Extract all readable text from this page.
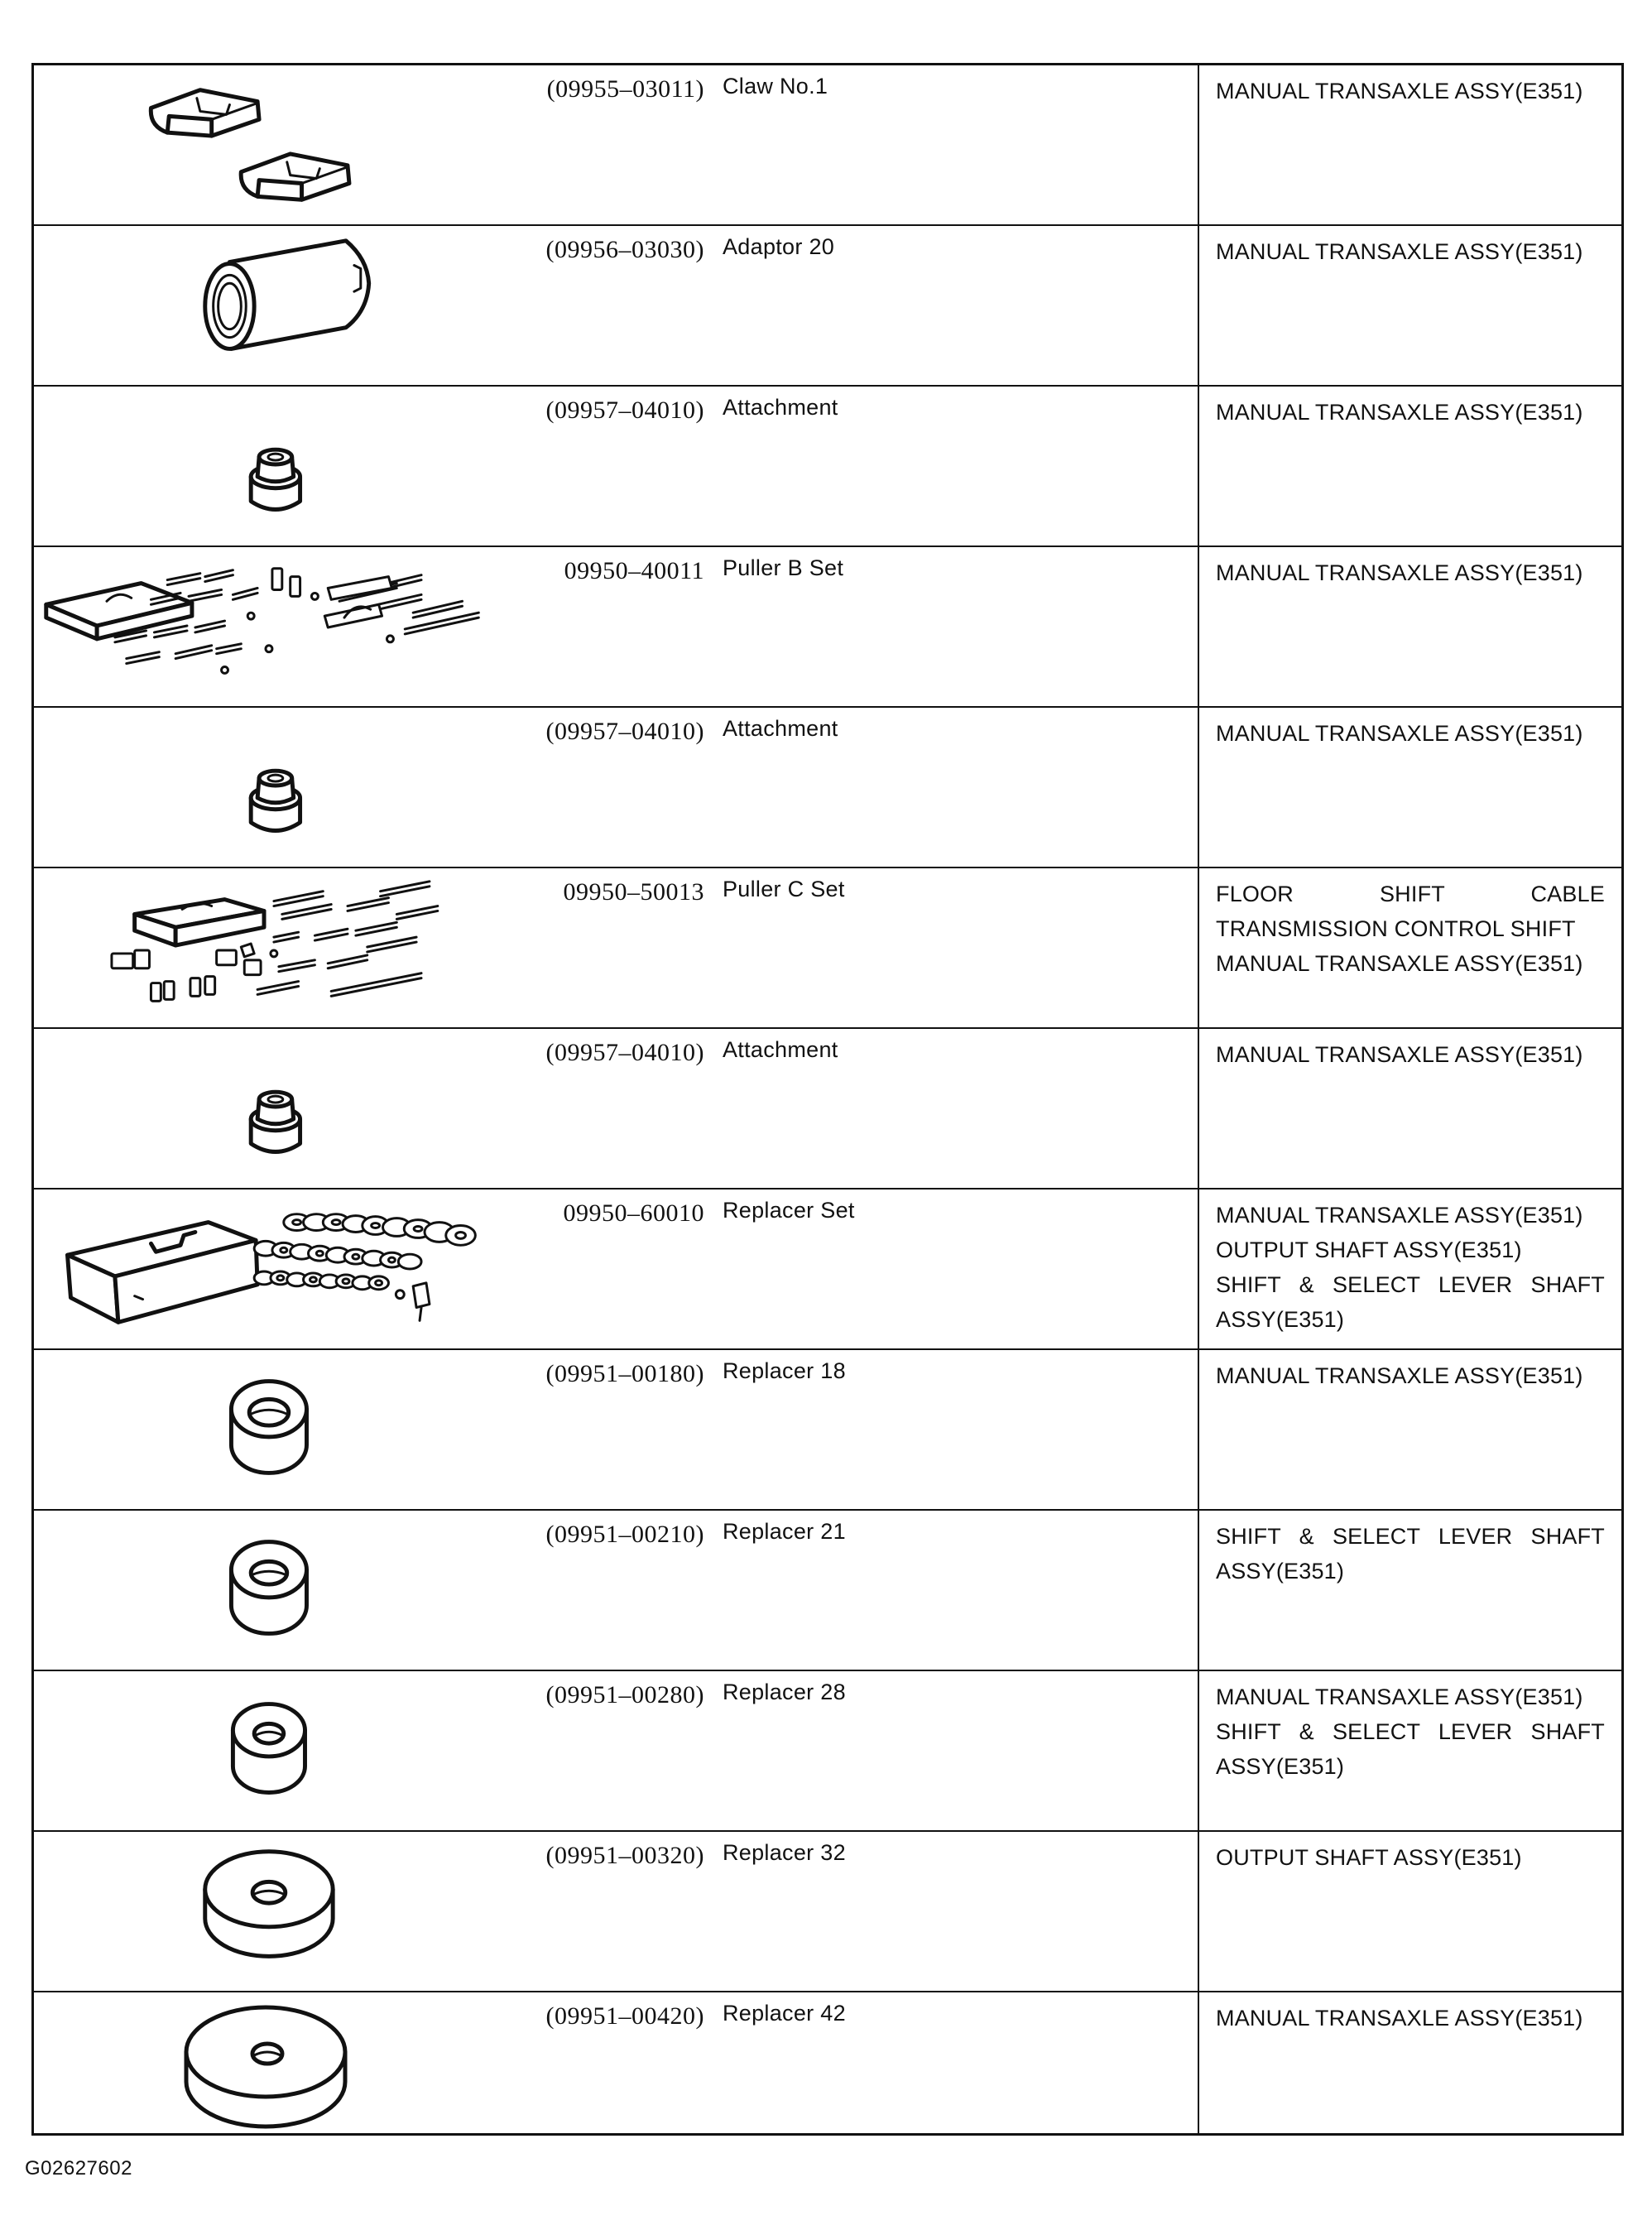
(09955–03011) Claw No.1	MANUAL TRANSAXLE ASSY(E351)
(09956–03030) Adaptor 20	MANUAL TRANSAXLE ASSY(E351)
(09957–04010) Attachment	MANUAL TRANSAXLE ASSY(E351)
09950–40011 Puller B Set	MANUAL TRANSAXLE ASSY(E351)
(09957–04010) Attachment	MANUAL TRANSAXLE ASSY(E351)
09950–50013 Puller C Set	FLOOR SHIFT CABLE
TRANSMISSION CONTROL SHIFT
MANUAL TRANSAXLE ASSY(E351)
(09957–04010) Attachment	MANUAL TRANSAXLE ASSY(E351)
09950–60010 Replacer Set	MANUAL TRANSAXLE ASSY(E351)
OUTPUT SHAFT ASSY(E351)
SHIFT & SELECT LEVER SHAFT
ASSY(E351)
(09951–00180) Replacer 18	MANUAL TRANSAXLE ASSY(E351)
(09951–00210) Replacer 21	SHIFT & SELECT LEVER SHAFT
ASSY(E351)
(09951–00280) Replacer 28	MANUAL TRANSAXLE ASSY(E351)
SHIFT & SELECT LEVER SHAFT
ASSY(E351)
(09951–00320) Replacer 32	OUTPUT SHAFT ASSY(E351)
(09951–00420) Replacer 42	MANUAL TRANSAXLE ASSY(E351)
G02627602
